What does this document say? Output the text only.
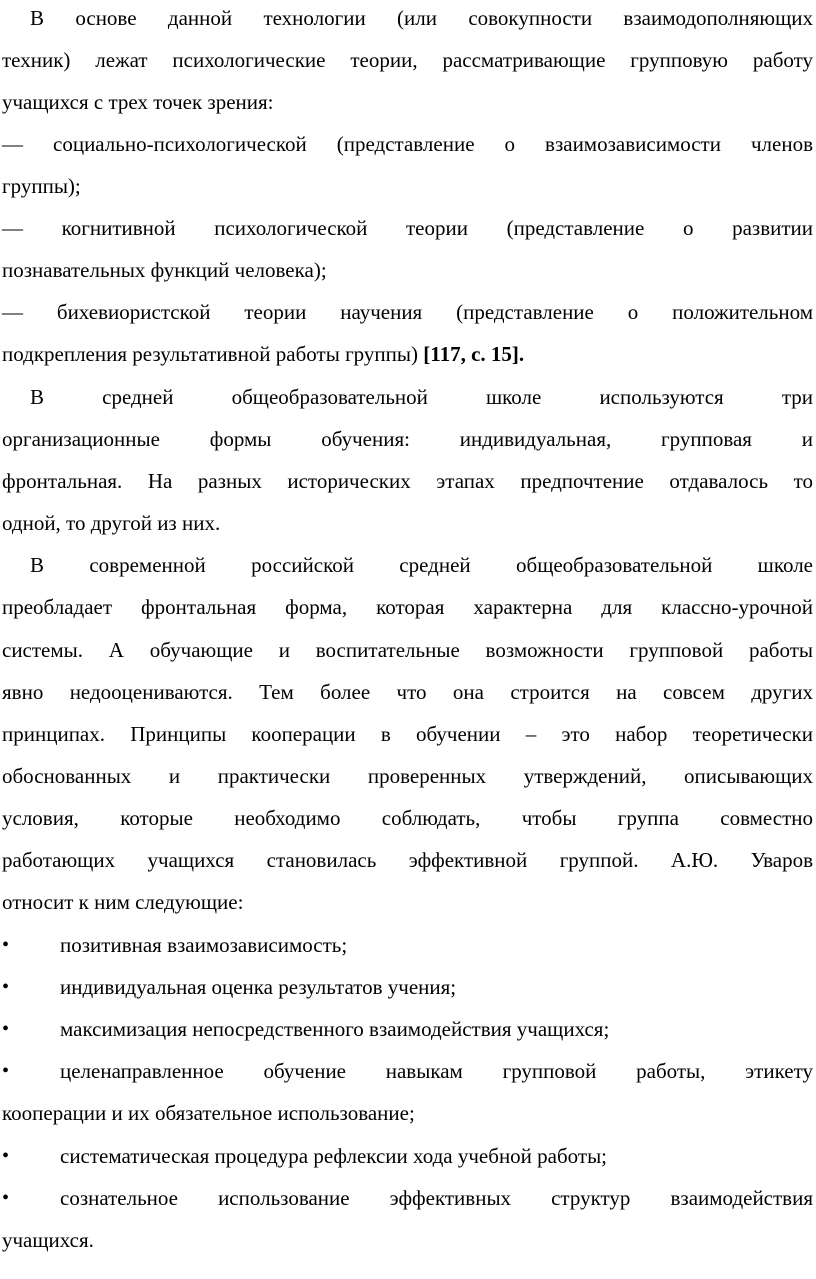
В основе данной технологии (или совокупности взаимодополняющих
техник) лежат психологические теории, рассматривающие групповую работу
учащихся с трех точек зрения:
— социально-психологической (представление о взаимозависимости членов
группы);
— когнитивной психологической теории (представление о развитии
познавательных функций человека);
— бихевиористской теории научения (представление о положительном
подкрепления результативной работы группы) [117, с. 15].
В средней общеобразовательной школе используются три
организационные формы обучения: индивидуальная, групповая и
фронтальная. На разных исторических этапах предпочтение отдавалось то
одной, то другой из них.
В современной российской средней общеобразовательной школе
преобладает фронтальная форма, которая характерна для классно-урочной
системы. А обучающие и воспитательные возможности групповой работы
явно недооцениваются. Тем более что она строится на совсем других
принципах. Принципы кооперации в обучении – это набор теоретически
обоснованных и практически проверенных утверждений, описывающих
условия, которые необходимо соблюдать, чтобы группа совместно
работающих учащихся становилась эффективной группой. А.Ю. Уваров
относит к ним следующие:
•	позитивная взаимозависимость;
•	индивидуальная оценка результатов учения;
•	максимизация непосредственного взаимодействия учащихся;
•	целенаправленное обучение навыкам групповой работы, этикету
кооперации и их обязательное использование;
•	систематическая процедура рефлексии хода учебной работы;
•	сознательное использование эффективных структур взаимодействия
учащихся.
